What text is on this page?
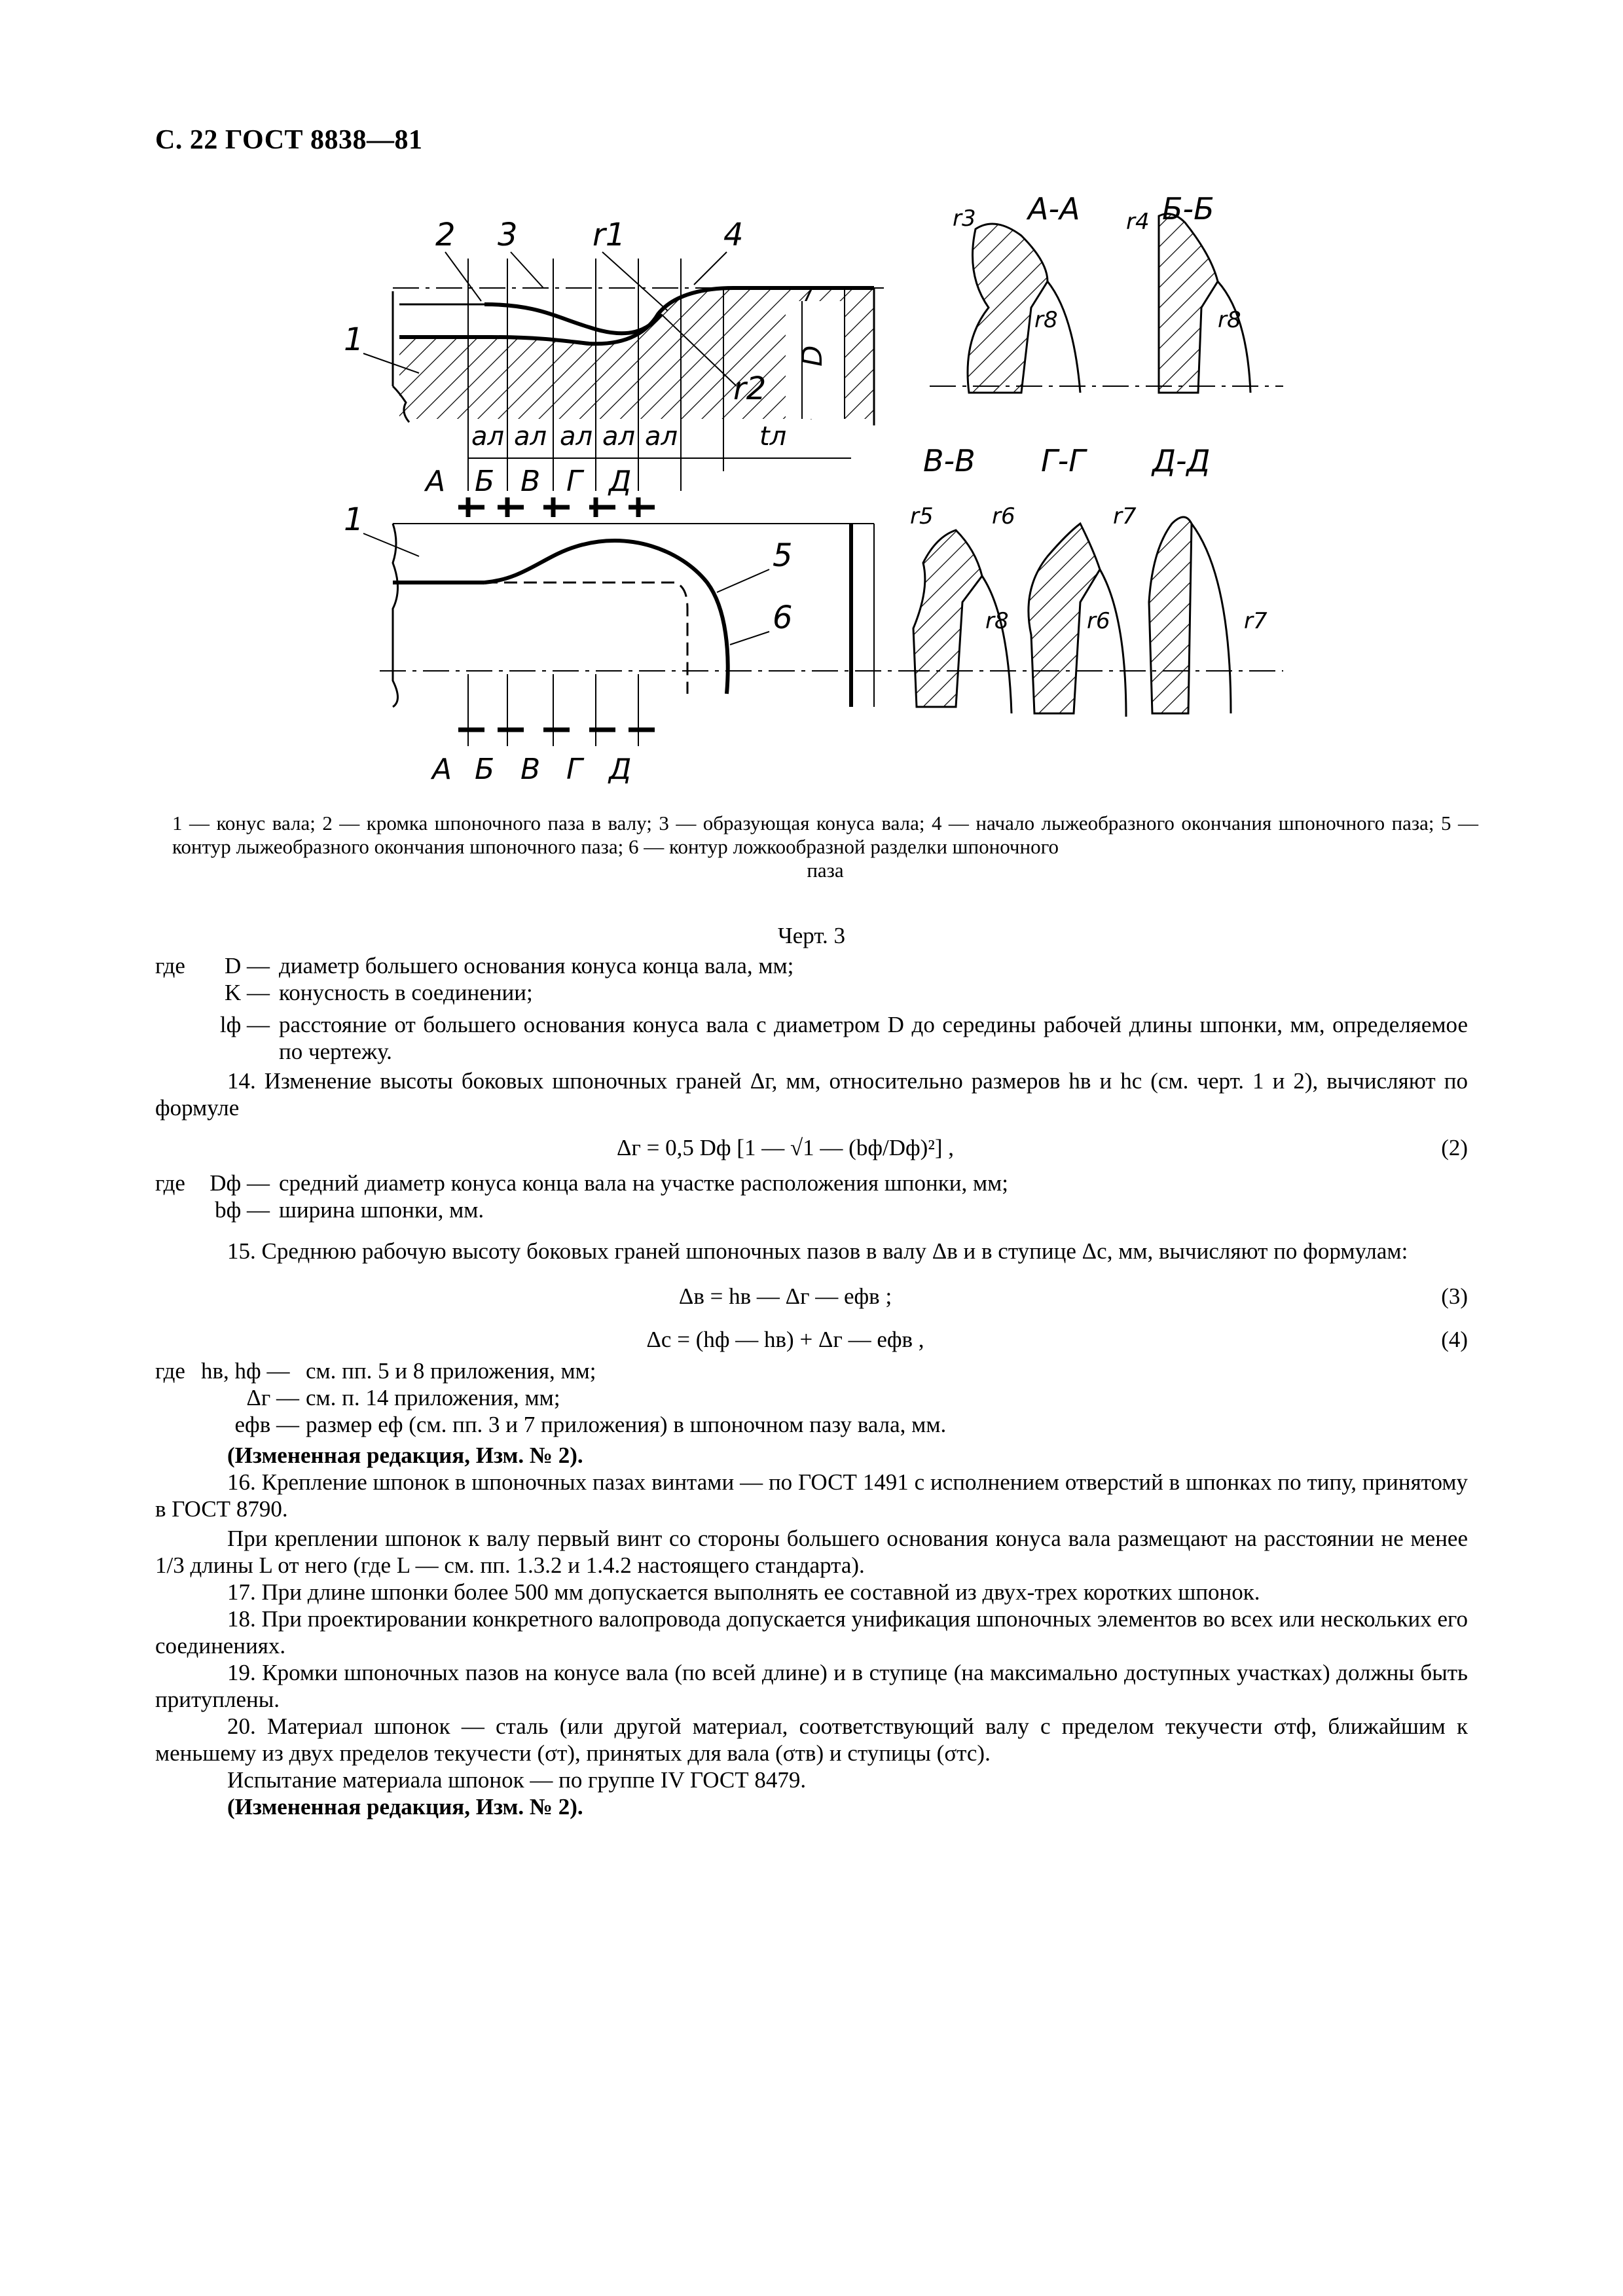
С. 22 ГОСТ 8838—81
D
aл aл aл aл aл	tл
2 3 r1	4
1
r2
А Б В Г Д
1
5
6
А Б В Г Д
А-А	Б-Б
В-В Г-Г Д-Д
r3	r4
r8	r8
r5	r6	r7
r8	r6	r7
1 — конус вала; 2 — кромка шпоночного паза в валу; 3 — образующая конуса вала; 4 — начало лыжеобразного окончания шпоночного паза; 5 — контур лыжеобразного окончания шпоночного паза; 6 — контур ложкообразной разделки шпоночного
паза
Черт. 3
где	D — диаметр большего основания конуса конца вала, мм;
K — конусность в соединении;
lф — расстояние от большего основания конуса вала с диаметром D до середины рабочей длины шпонки, мм, определяемое по чертежу.

14. Изменение высоты боковых шпоночных граней Δг, мм, относительно размеров hв и hс (см. черт. 1 и 2), вычисляют по формуле

Δг = 0,5 Dф [1 — √1 — (bф/Dф)²] ,	(2)
где	Dф — средний диаметр конуса конца вала на участке расположения шпонки, мм;
bф — ширина шпонки, мм.

15. Среднюю рабочую высоту боковых граней шпоночных пазов в валу Δв и в ступице Δс, мм, вычисляют по формулам:

Δв = hв — Δг — eфв ;	(3)
Δс = (hф — hв) + Δг — eфв ,	(4)
где hв, hф — см. пп. 5 и 8 приложения, мм;
Δг — см. п. 14 приложения, мм;
eфв — размер eф (см. пп. 3 и 7 приложения) в шпоночном пазу вала, мм.

(Измененная редакция, Изм. № 2).

16. Крепление шпонок в шпоночных пазах винтами — по ГОСТ 1491 с исполнением отверстий в шпонках по типу, принятому в ГОСТ 8790.

При креплении шпонок к валу первый винт со стороны большего основания конуса вала размещают на расстоянии не менее 1/3 длины L от него (где L — см. пп. 1.3.2 и 1.4.2 настоящего стандарта).

17. При длине шпонки более 500 мм допускается выполнять ее составной из двух-трех коротких шпонок.

18. При проектировании конкретного валопровода допускается унификация шпоночных элементов во всех или нескольких его соединениях.

19. Кромки шпоночных пазов на конусе вала (по всей длине) и в ступице (на максимально доступных участках) должны быть притуплены.

20. Материал шпонок — сталь (или другой материал, соответствующий валу с пределом текучести σтф, ближайшим к меньшему из двух пределов текучести (σт), принятых для вала (σтв) и ступицы (σтс).

Испытание материала шпонок — по группе IV ГОСТ 8479.

(Измененная редакция, Изм. № 2).
